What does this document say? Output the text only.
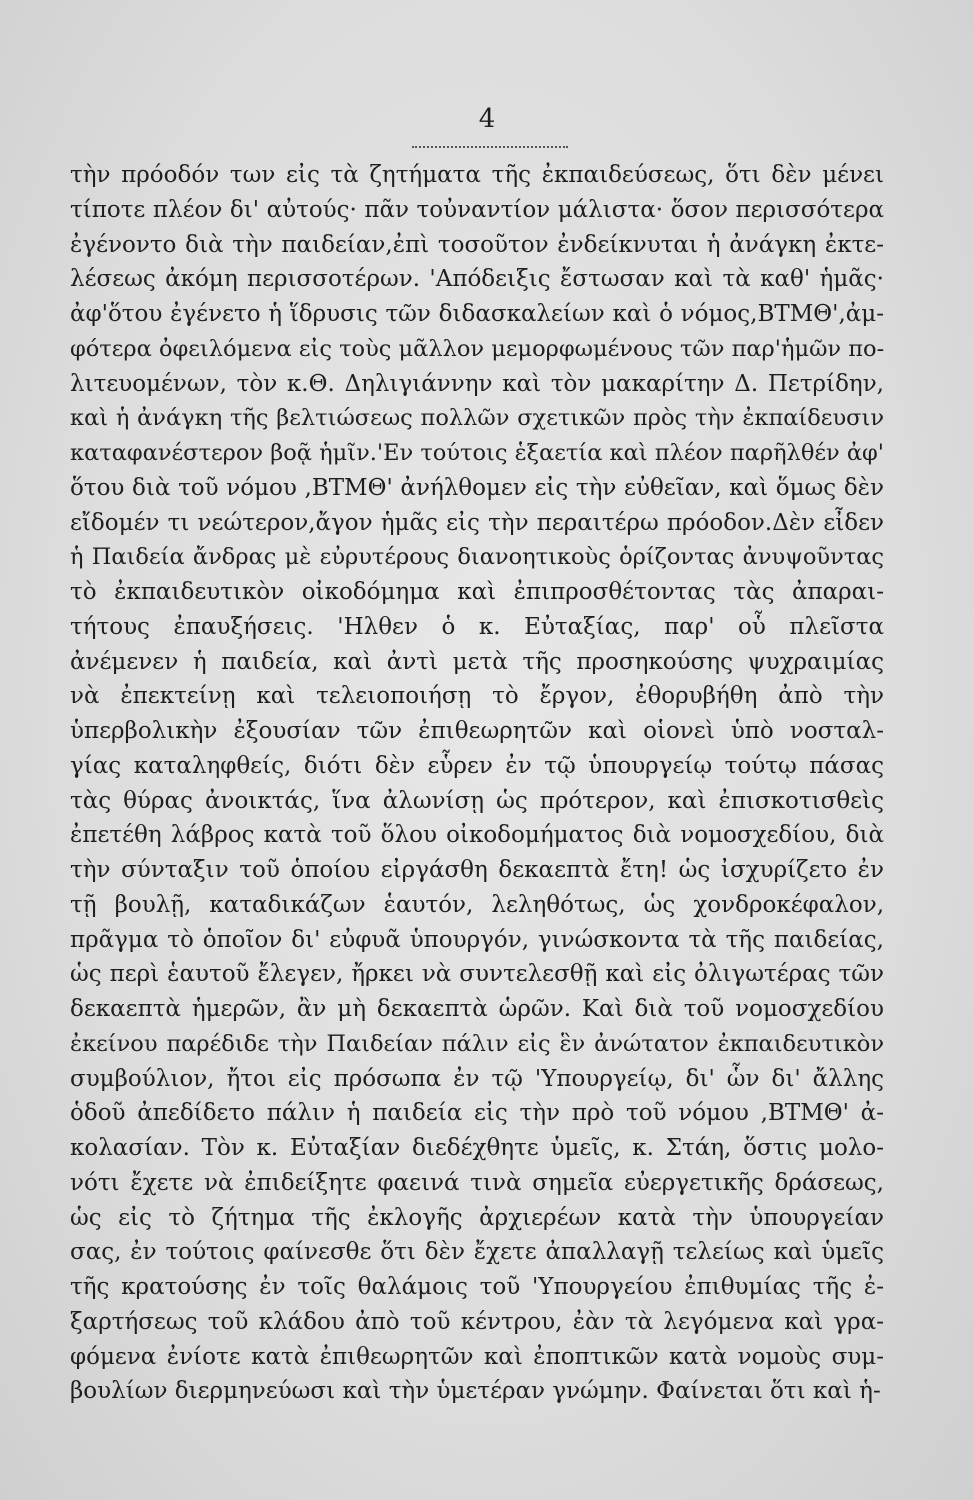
4
τὴν πρόοδόν των εἰς τὰ ζητήματα τῆς ἐκπαιδεύσεως, ὅτι δὲν μένει
τίποτε πλέον δι' αὐτούς· πᾶν τοὐναντίον μάλιστα· ὅσον περισσότερα
ἐγένοντο διὰ τὴν παιδείαν,ἐπὶ τοσοῦτον ἐνδείκνυται ἡ ἀνάγκη ἐκτε-
λέσεως ἀκόμη περισσοτέρων. 'Απόδειξις ἔστωσαν καὶ τὰ καθ' ἡμᾶς·
ἀφ'ὅτου ἐγένετο ἡ ἵδρυσις τῶν διδασκαλείων καὶ ὁ νόμος,ΒΤΜΘ',ἀμ-
φότερα ὀφειλόμενα εἰς τοὺς μᾶλλον μεμορφωμένους τῶν παρ'ἡμῶν πο-
λιτευομένων, τὸν κ.Θ. Δηλιγιάννην καὶ τὸν μακαρίτην Δ. Πετρίδην,
καὶ ἡ ἀνάγκη τῆς βελτιώσεως πολλῶν σχετικῶν πρὸς τὴν ἐκπαίδευσιν
καταφανέστερον βοᾷ ἡμῖν.'Εν τούτοις ἑξαετία καὶ πλέον παρῆλθέν ἀφ'
ὅτου διὰ τοῦ νόμου ,ΒΤΜΘ' ἀνήλθομεν εἰς τὴν εὐθεῖαν, καὶ ὅμως δὲν
εἴδομέν τι νεώτερον,ἄγον ἡμᾶς εἰς τὴν περαιτέρω πρόοδον.Δὲν εἶδεν
ἡ Παιδεία ἄνδρας μὲ εὐρυτέρους διανοητικοὺς ὁρίζοντας ἀνυψοῦντας
τὸ ἐκπαιδευτικὸν οἰκοδόμημα καὶ ἐπιπροσθέτοντας τὰς ἀπαραι-
τήτους ἐπαυξήσεις. 'Ηλθεν ὁ κ. Εὐταξίας, παρ' οὗ πλεῖστα
ἀνέμενεν ἡ παιδεία, καὶ ἀντὶ μετὰ τῆς προσηκούσης ψυχραιμίας
νὰ ἐπεκτείνῃ καὶ τελειοποιήσῃ τὸ ἔργον, ἐθορυβήθη ἀπὸ τὴν
ὑπερβολικὴν ἐξουσίαν τῶν ἐπιθεωρητῶν καὶ οἱονεὶ ὑπὸ νοσταλ-
γίας καταληφθείς, διότι δὲν εὗρεν ἐν τῷ ὑπουργείῳ τούτῳ πάσας
τὰς θύρας ἀνοικτάς, ἵνα ἀλωνίσῃ ὡς πρότερον, καὶ ἐπισκοτισθεὶς
ἐπετέθη λάβρος κατὰ τοῦ ὅλου οἰκοδομήματος διὰ νομοσχεδίου, διὰ
τὴν σύνταξιν τοῦ ὁποίου εἰργάσθη δεκαεπτὰ ἔτη! ὡς ἰσχυρίζετο ἐν
τῇ βουλῇ, καταδικάζων ἑαυτόν, λεληθότως, ὡς χονδροκέφαλον,
πρᾶγμα τὸ ὁποῖον δι' εὐφυᾶ ὑπουργόν, γινώσκοντα τὰ τῆς παιδείας,
ὡς περὶ ἑαυτοῦ ἔλεγεν, ἤρκει νὰ συντελεσθῇ καὶ εἰς ὀλιγωτέρας τῶν
δεκαεπτὰ ἡμερῶν, ἂν μὴ δεκαεπτὰ ὡρῶν. Καὶ διὰ τοῦ νομοσχεδίου
ἐκείνου παρέδιδε τὴν Παιδείαν πάλιν εἰς ἓν ἀνώτατον ἐκπαιδευτικὸν
συμβούλιον, ἤτοι εἰς πρόσωπα ἐν τῷ 'Υπουργείῳ, δι' ὧν δι' ἄλλης
ὁδοῦ ἀπεδίδετο πάλιν ἡ παιδεία εἰς τὴν πρὸ τοῦ νόμου ,ΒΤΜΘ' ἀ-
κολασίαν. Τὸν κ. Εὐταξίαν διεδέχθητε ὑμεῖς, κ. Στάη, ὅστις μολο-
νότι ἔχετε νὰ ἐπιδείξητε φαεινά τινὰ σημεῖα εὐεργετικῆς δράσεως,
ὡς εἰς τὸ ζήτημα τῆς ἐκλογῆς ἀρχιερέων κατὰ τὴν ὑπουργείαν
σας, ἐν τούτοις φαίνεσθε ὅτι δὲν ἔχετε ἀπαλλαγῇ τελείως καὶ ὑμεῖς
τῆς κρατούσης ἐν τοῖς θαλάμοις τοῦ 'Υπουργείου ἐπιθυμίας τῆς ἐ-
ξαρτήσεως τοῦ κλάδου ἀπὸ τοῦ κέντρου, ἐὰν τὰ λεγόμενα καὶ γρα-
φόμενα ἐνίοτε κατὰ ἐπιθεωρητῶν καὶ ἐποπτικῶν κατὰ νομοὺς συμ-
βουλίων διερμηνεύωσι καὶ τὴν ὑμετέραν γνώμην. Φαίνεται ὅτι καὶ ἡ-
